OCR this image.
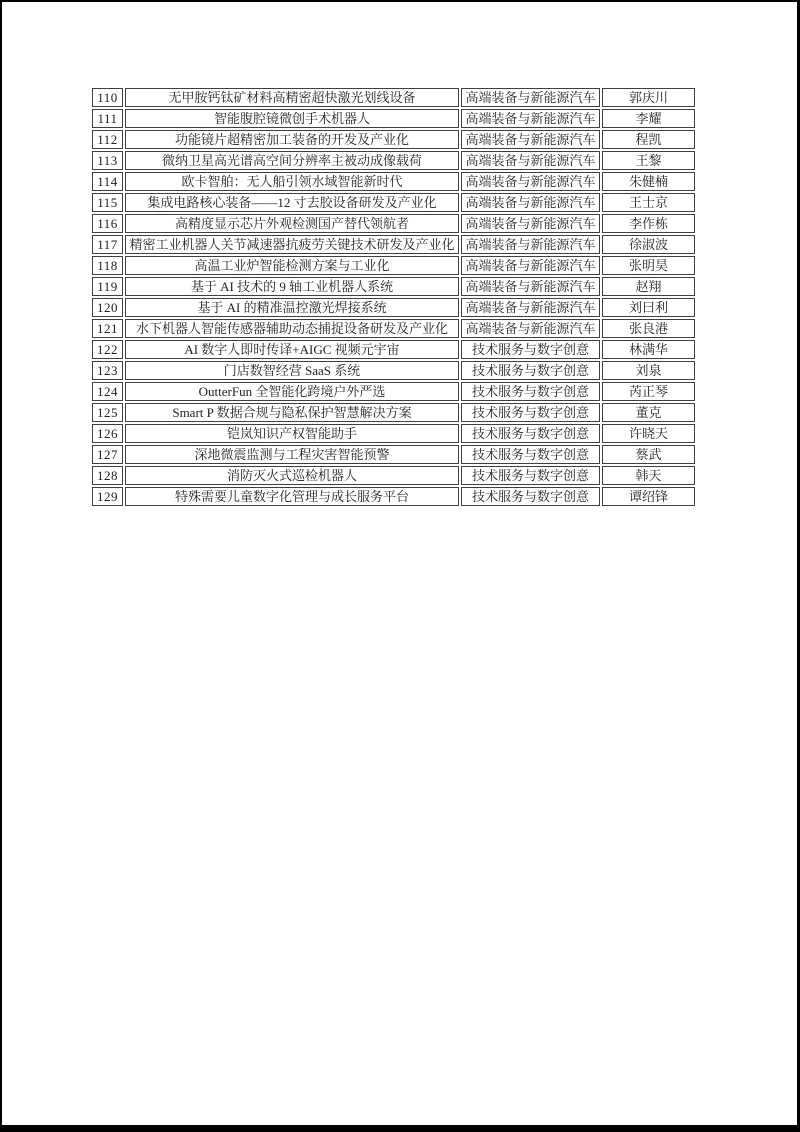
110	无甲胺钙钛矿材料高精密超快激光划线设备	高端装备与新能源汽车	郭庆川
111	智能腹腔镜微创手术机器人	高端装备与新能源汽车	李耀
112	功能镜片超精密加工装备的开发及产业化	高端装备与新能源汽车	程凯
113	微纳卫星高光谱高空间分辨率主被动成像载荷	高端装备与新能源汽车	王黎
114	欧卡智舶：无人船引领水域智能新时代	高端装备与新能源汽车	朱健楠
115	集成电路核心装备——12 寸去胶设备研发及产业化	高端装备与新能源汽车	王士京
116	高精度显示芯片外观检测国产替代领航者	高端装备与新能源汽车	李作栋
117	精密工业机器人关节减速器抗疲劳关键技术研发及产业化	高端装备与新能源汽车	徐淑波
118	高温工业炉智能检测方案与工业化	高端装备与新能源汽车	张明昊
119	基于 AI 技术的 9 轴工业机器人系统	高端装备与新能源汽车	赵翔
120	基于 AI 的精准温控激光焊接系统	高端装备与新能源汽车	刘曰利
121	水下机器人智能传感器辅助动态捕捉设备研发及产业化	高端装备与新能源汽车	张良港
122	AI 数字人即时传译+AIGC 视频元宇宙	技术服务与数字创意	林满华
123	门店数智经营 SaaS 系统	技术服务与数字创意	刘泉
124	OutterFun 全智能化跨境户外严选	技术服务与数字创意	芮正琴
125	Smart P 数据合规与隐私保护智慧解决方案	技术服务与数字创意	董克
126	铠岚知识产权智能助手	技术服务与数字创意	许晓天
127	深地微震监测与工程灾害智能预警	技术服务与数字创意	蔡武
128	消防灭火式巡检机器人	技术服务与数字创意	韩天
129	特殊需要儿童数字化管理与成长服务平台	技术服务与数字创意	谭绍锋
